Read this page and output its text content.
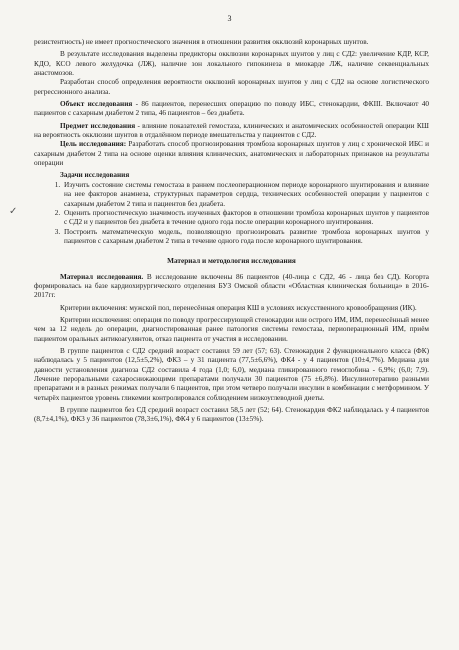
3
✓

резистентность) не имеет прогностического значения в отношении развития окклюзий коронарных шунтов.

В результате исследования выделены предикторы окклюзии коронарных шунтов у лиц с СД2: увеличение КДР, КСР, КДО, КСО левого желудочка (ЛЖ), наличие зон локального гипокинеза в миокарде ЛЖ, наличие секвенциальных анастомозов.

Разработан способ определения вероятности окклюзий коронарных шунтов у лиц с СД2 на основе логистического регрессионного анализа.

Объект исследования - 86 пациентов, перенесших операцию по поводу ИБС, стенокардии, ФКIII. Включают 40 пациентов с сахарным диабетом 2 типа, 46 пациентов – без диабета.

Предмет исследования - влияние показателей гемостаза, клинических и анатомических особенностей операции КШ на вероятность окклюзии шунтов в отдалённом периоде вмешательства у пациентов с СД2.

Цель исследования: Разработать способ прогнозирования тромбоза коронарных шунтов у лиц с хронической ИБС и сахарным диабетом 2 типа на основе оценки влияния клинических, анатомических и лабораторных признаков на результаты операции

Задачи исследования

1. Изучить состояние системы гемостаза в раннем послеоперационном периоде коронарного шунтирования и влияние на нее факторов анамнеза, структурных параметров сердца, технических особенностей операции у пациентов с сахарным диабетом 2 типа и пациентов без диабета.
2. Оценить прогностическую значимость изученных факторов в отношении тромбоза коронарных шунтов у пациентов с СД2 и у пациентов без диабета в течение одного года после операции коронарного шунтирования.
3. Построить математическую модель, позволяющую прогнозировать развитие тромбоза коронарных шунтов у пациентов с сахарным диабетом 2 типа в течение одного года после коронарного шунтирования.
Материал и методология исследования

Материал исследования. В исследование включены 86 пациентов (40-лица с СД2, 46 - лица без СД). Когорта формировалась на базе кардиохирургического отделения БУЗ Омской области «Областная клиническая больница» в 2016-2017гг.

Критерии включения: мужской пол, перенесённая операция КШ в условиях искусственного кровообращения (ИК).

Критерии исключения: операция по поводу прогрессирующей стенокардии или острого ИМ, ИМ, перенесённый менее чем за 12 недель до операции, диагностированная ранее патология системы гемостаза, периоперационный ИМ, приём пациентом оральных антикоагулянтов, отказ пациента от участия в исследовании.

В группе пациентов с СД2 средний возраст составил 59 лет (57; 63). Стенокардия 2 функционального класса (ФК) наблюдалась у 5 пациентов (12,5±5,2%), ФК3 – у 31 пациента (77,5±6,6%), ФК4 - у 4 пациентов (10±4,7%). Медиана для давности установления диагноза СД2 составила 4 года (1,0; 6,0), медиана гликированного гемоглобина - 6,9%; (6,0; 7,9). Лечение пероральными сахароснижающими препаратами получали 30 пациентов (75 ±6,8%). Инсулинотерапию разными препаратами и в разных режимах получали 6 пациентов, при этом четверо получали инсулин в комбинации с метформином. У четырёх пациентов уровень гликемии контролировался соблюдением низкоуглеводной диеты.

В группе пациентов без СД средний возраст составил 58,5 лет (52; 64). Стенокардия ФК2 наблюдалась у 4 пациентов (8,7±4,1%), ФК3 у 36 пациентов (78,3±6,1%), ФК4 у 6 пациентов (13±5%).
